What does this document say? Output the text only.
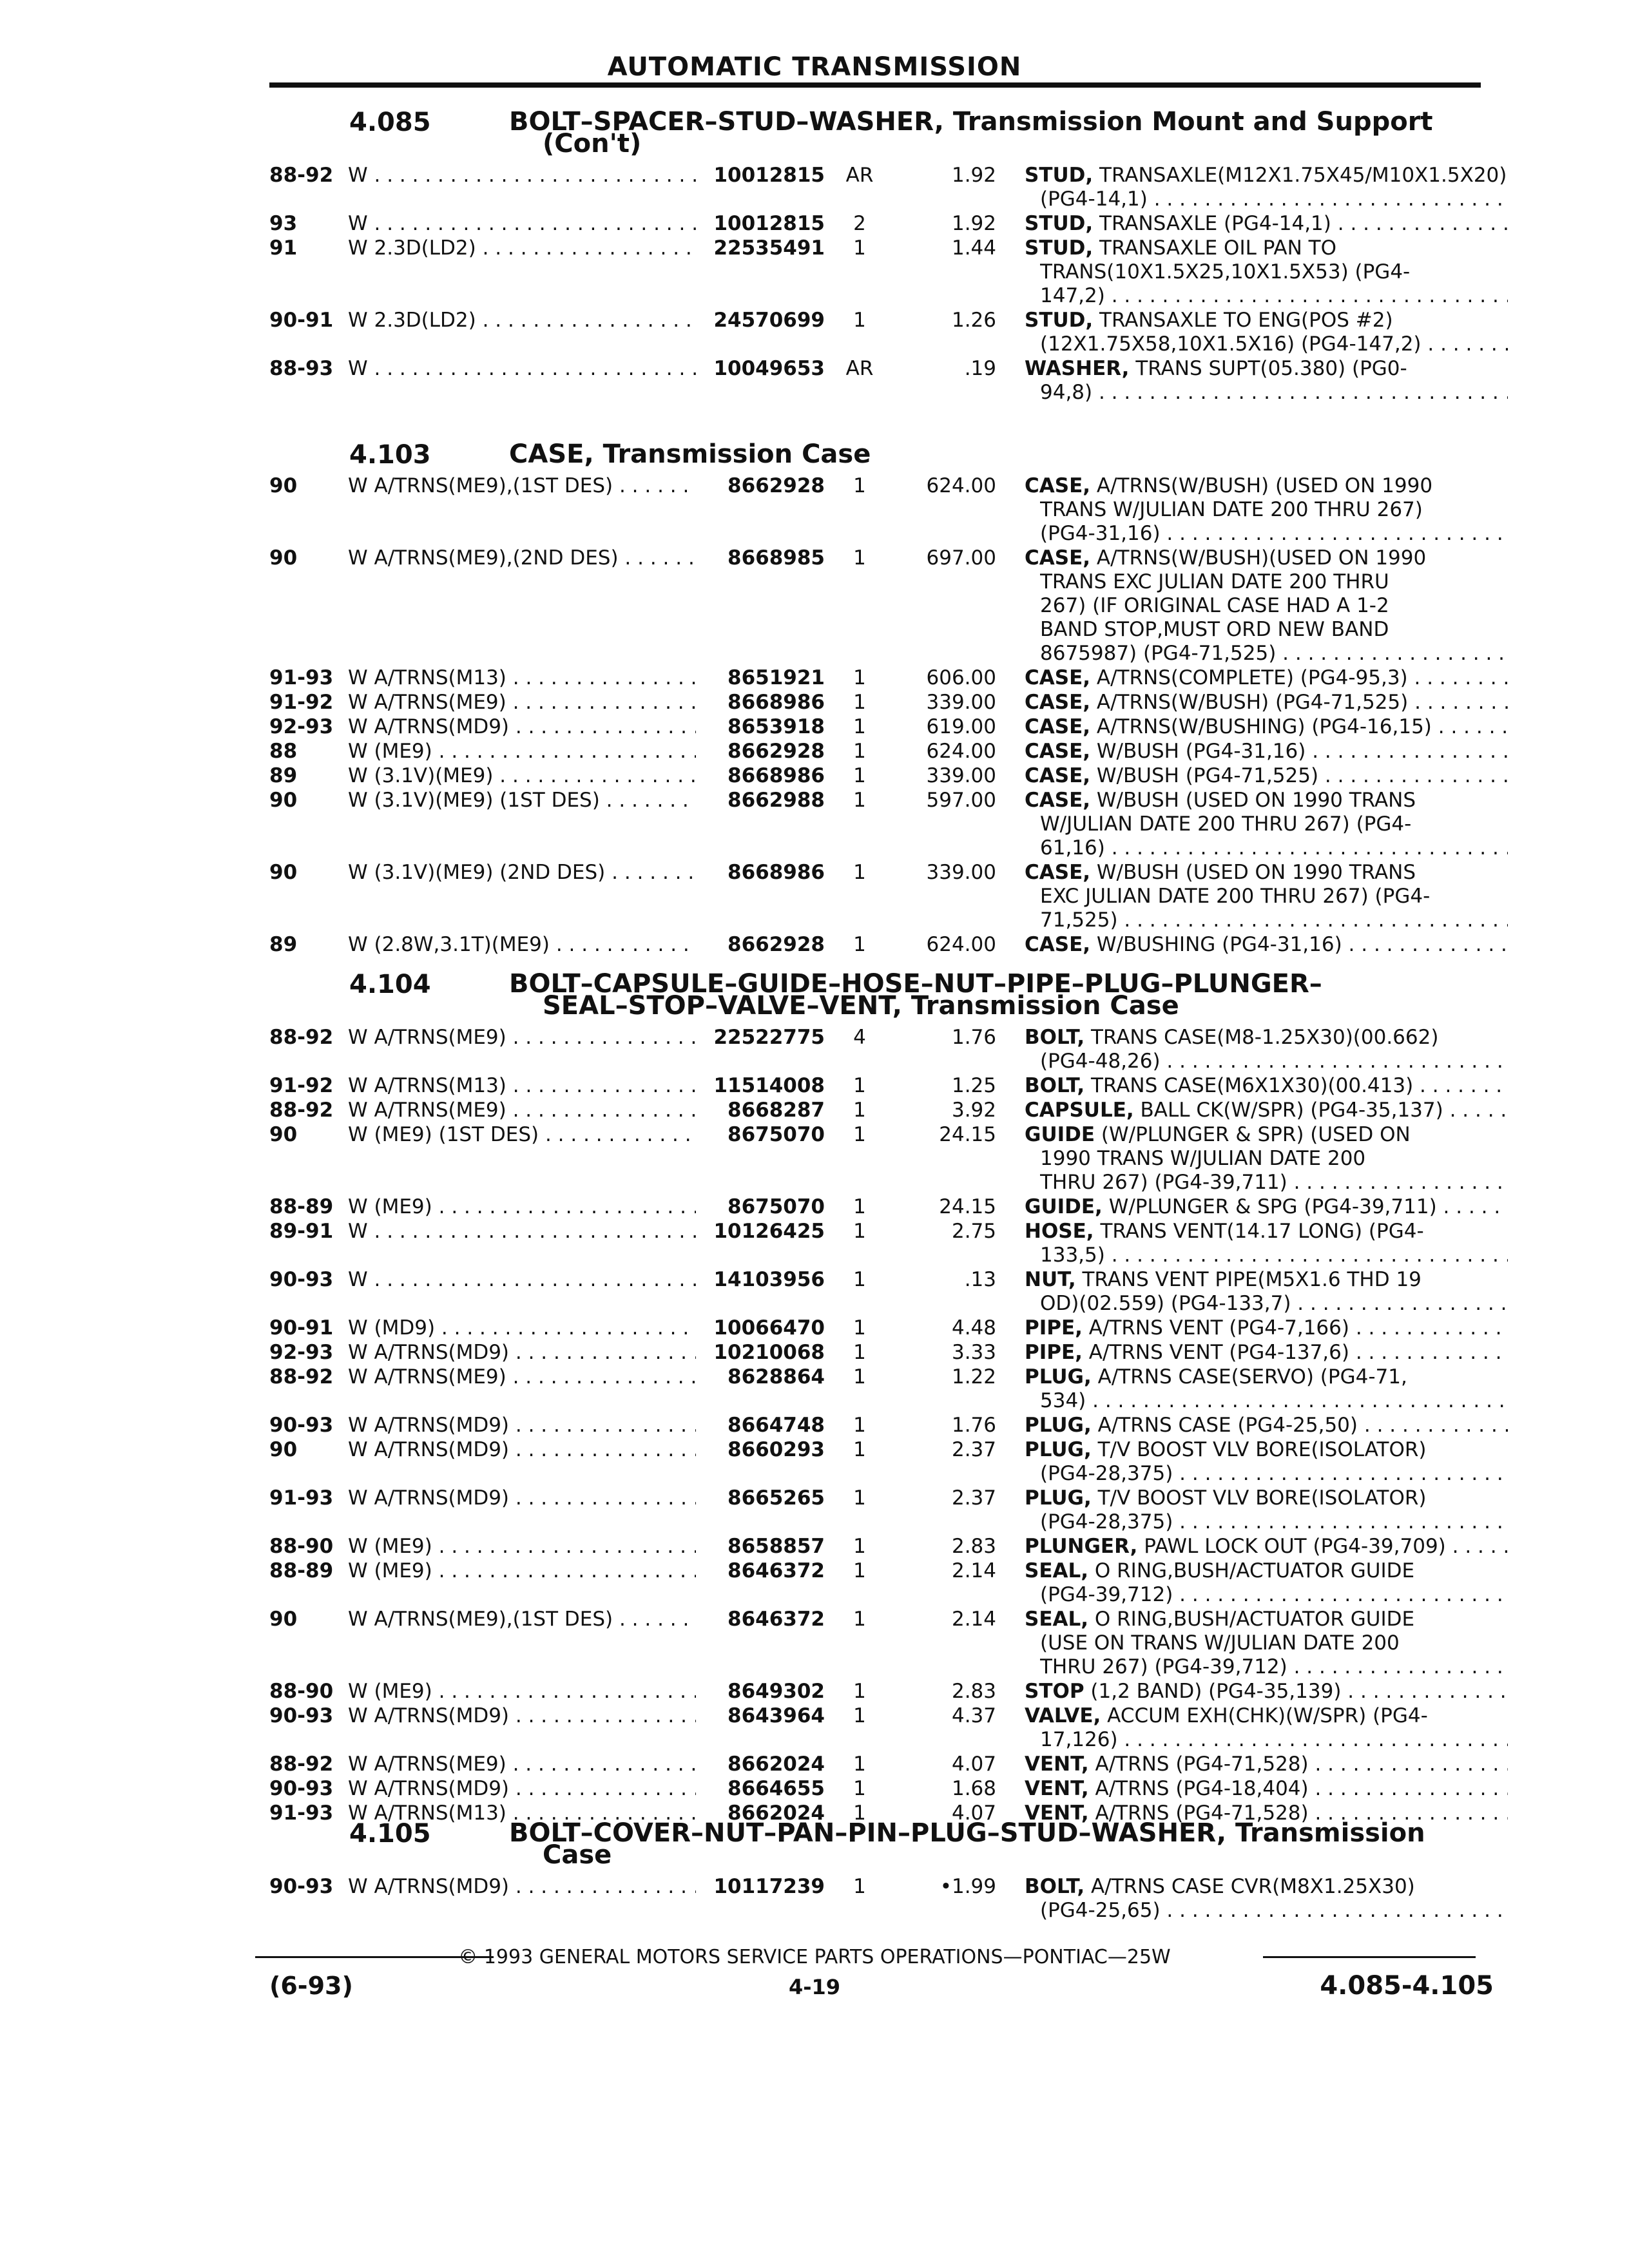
AUTOMATIC TRANSMISSION
4.085	BOLT–SPACER–STUD–WASHER, Transmission Mount and Support
(Con't)
88-92 W . . .	10012815	AR	1.92 STUD, TRANSAXLE(M12X1.75X45/M10X1.5X20)
(PG4-14,1) . . .
93	W . . .	10012815	2	1.92 STUD, TRANSAXLE (PG4-14,1) . . .
91	W 2.3D(LD2) . . .	22535491	1	1.44 STUD, TRANSAXLE OIL PAN TO
TRANS(10X1.5X25,10X1.5X53) (PG4-
147,2) . . .
90-91 W 2.3D(LD2) . . .	24570699	1	1.26 STUD, TRANSAXLE TO ENG(POS #2)
(12X1.75X58,10X1.5X16) (PG4-147,2) . . .
88-93 W . . .	10049653	AR	.19 WASHER, TRANS SUPT(05.380) (PG0-
94,8) . . .
4.103	CASE, Transmission Case
90	W A/TRNS(ME9),(1ST DES) . . .	8662928	1	624.00 CASE, A/TRNS(W/BUSH) (USED ON 1990
TRANS W/JULIAN DATE 200 THRU 267)
(PG4-31,16) . . .
90	W A/TRNS(ME9),(2ND DES) . . .	8668985	1	697.00 CASE, A/TRNS(W/BUSH)(USED ON 1990
TRANS EXC JULIAN DATE 200 THRU
267) (IF ORIGINAL CASE HAD A 1-2
BAND STOP,MUST ORD NEW BAND
8675987) (PG4-71,525) . . .
91-93 W A/TRNS(M13) . . .	8651921	1	606.00 CASE, A/TRNS(COMPLETE) (PG4-95,3) . . .
91-92 W A/TRNS(ME9) . . .	8668986	1	339.00 CASE, A/TRNS(W/BUSH) (PG4-71,525) . . .
92-93 W A/TRNS(MD9) . . .	8653918	1	619.00 CASE, A/TRNS(W/BUSHING) (PG4-16,15) . . .
88	W (ME9) . . .	8662928	1	624.00 CASE, W/BUSH (PG4-31,16) . . .
89	W (3.1V)(ME9) . . .	8668986	1	339.00 CASE, W/BUSH (PG4-71,525) . . .
90	W (3.1V)(ME9) (1ST DES) . . .	8662988	1	597.00 CASE, W/BUSH (USED ON 1990 TRANS
W/JULIAN DATE 200 THRU 267) (PG4-
61,16) . . .
90	W (3.1V)(ME9) (2ND DES) . . .	8668986	1	339.00 CASE, W/BUSH (USED ON 1990 TRANS
EXC JULIAN DATE 200 THRU 267) (PG4-
71,525) . . .
89	W (2.8W,3.1T)(ME9) . . .	8662928	1	624.00 CASE, W/BUSHING (PG4-31,16) . . .
4.104	BOLT–CAPSULE–GUIDE–HOSE–NUT–PIPE–PLUG–PLUNGER–
SEAL–STOP–VALVE–VENT, Transmission Case
88-92 W A/TRNS(ME9) . . .	22522775	4	1.76 BOLT, TRANS CASE(M8-1.25X30)(00.662)
(PG4-48,26) . . .
91-92 W A/TRNS(M13) . . .	11514008	1	1.25 BOLT, TRANS CASE(M6X1X30)(00.413) . . .
88-92 W A/TRNS(ME9) . . .	8668287	1	3.92 CAPSULE, BALL CK(W/SPR) (PG4-35,137) . . .
90	W (ME9) (1ST DES) . . .	8675070	1	24.15 GUIDE (W/PLUNGER & SPR) (USED ON
1990 TRANS W/JULIAN DATE 200
THRU 267) (PG4-39,711) . . .
88-89 W (ME9) . . .	8675070	1	24.15 GUIDE, W/PLUNGER & SPG (PG4-39,711) . . .
89-91 W . . .	10126425	1	2.75 HOSE, TRANS VENT(14.17 LONG) (PG4-
133,5) . . .
90-93 W . . .	14103956	1	.13 NUT, TRANS VENT PIPE(M5X1.6 THD 19
OD)(02.559) (PG4-133,7) . . .
90-91 W (MD9) . . .	10066470	1	4.48 PIPE, A/TRNS VENT (PG4-7,166) . . .
92-93 W A/TRNS(MD9) . . .	10210068	1	3.33 PIPE, A/TRNS VENT (PG4-137,6) . . .
88-92 W A/TRNS(ME9) . . .	8628864	1	1.22 PLUG, A/TRNS CASE(SERVO) (PG4-71,
534) . . .
90-93 W A/TRNS(MD9) . . .	8664748	1	1.76 PLUG, A/TRNS CASE (PG4-25,50) . . .
90	W A/TRNS(MD9) . . .	8660293	1	2.37 PLUG, T/V BOOST VLV BORE(ISOLATOR)
(PG4-28,375) . . .
91-93 W A/TRNS(MD9) . . .	8665265	1	2.37 PLUG, T/V BOOST VLV BORE(ISOLATOR)
(PG4-28,375) . . .
88-90 W (ME9) . . .	8658857	1	2.83 PLUNGER, PAWL LOCK OUT (PG4-39,709) . . .
88-89 W (ME9) . . .	8646372	1	2.14 SEAL, O RING,BUSH/ACTUATOR GUIDE
(PG4-39,712) . . .
90	W A/TRNS(ME9),(1ST DES) . . .	8646372	1	2.14 SEAL, O RING,BUSH/ACTUATOR GUIDE
(USE ON TRANS W/JULIAN DATE 200
THRU 267) (PG4-39,712) . . .
88-90 W (ME9) . . .	8649302	1	2.83 STOP (1,2 BAND) (PG4-35,139) . . .
90-93 W A/TRNS(MD9) . . .	8643964	1	4.37 VALVE, ACCUM EXH(CHK)(W/SPR) (PG4-
17,126) . . .
88-92 W A/TRNS(ME9) . . .	8662024	1	4.07 VENT, A/TRNS (PG4-71,528) . . .
90-93 W A/TRNS(MD9) . . .	8664655	1	1.68 VENT, A/TRNS (PG4-18,404) . . .
91-93 W A/TRNS(M13) . . .	8662024	1	4.07 VENT, A/TRNS (PG4-71,528) . . .
4.105	BOLT–COVER–NUT–PAN–PIN–PLUG–STUD–WASHER, Transmission
Case
90-93 W A/TRNS(MD9) . . .	10117239	1	•1.99 BOLT, A/TRNS CASE CVR(M8X1.25X30)
(PG4-25,65) . . .
© 1993 GENERAL MOTORS SERVICE PARTS OPERATIONS—PONTIAC—25W
(6-93)	4-19	4.085-4.105
